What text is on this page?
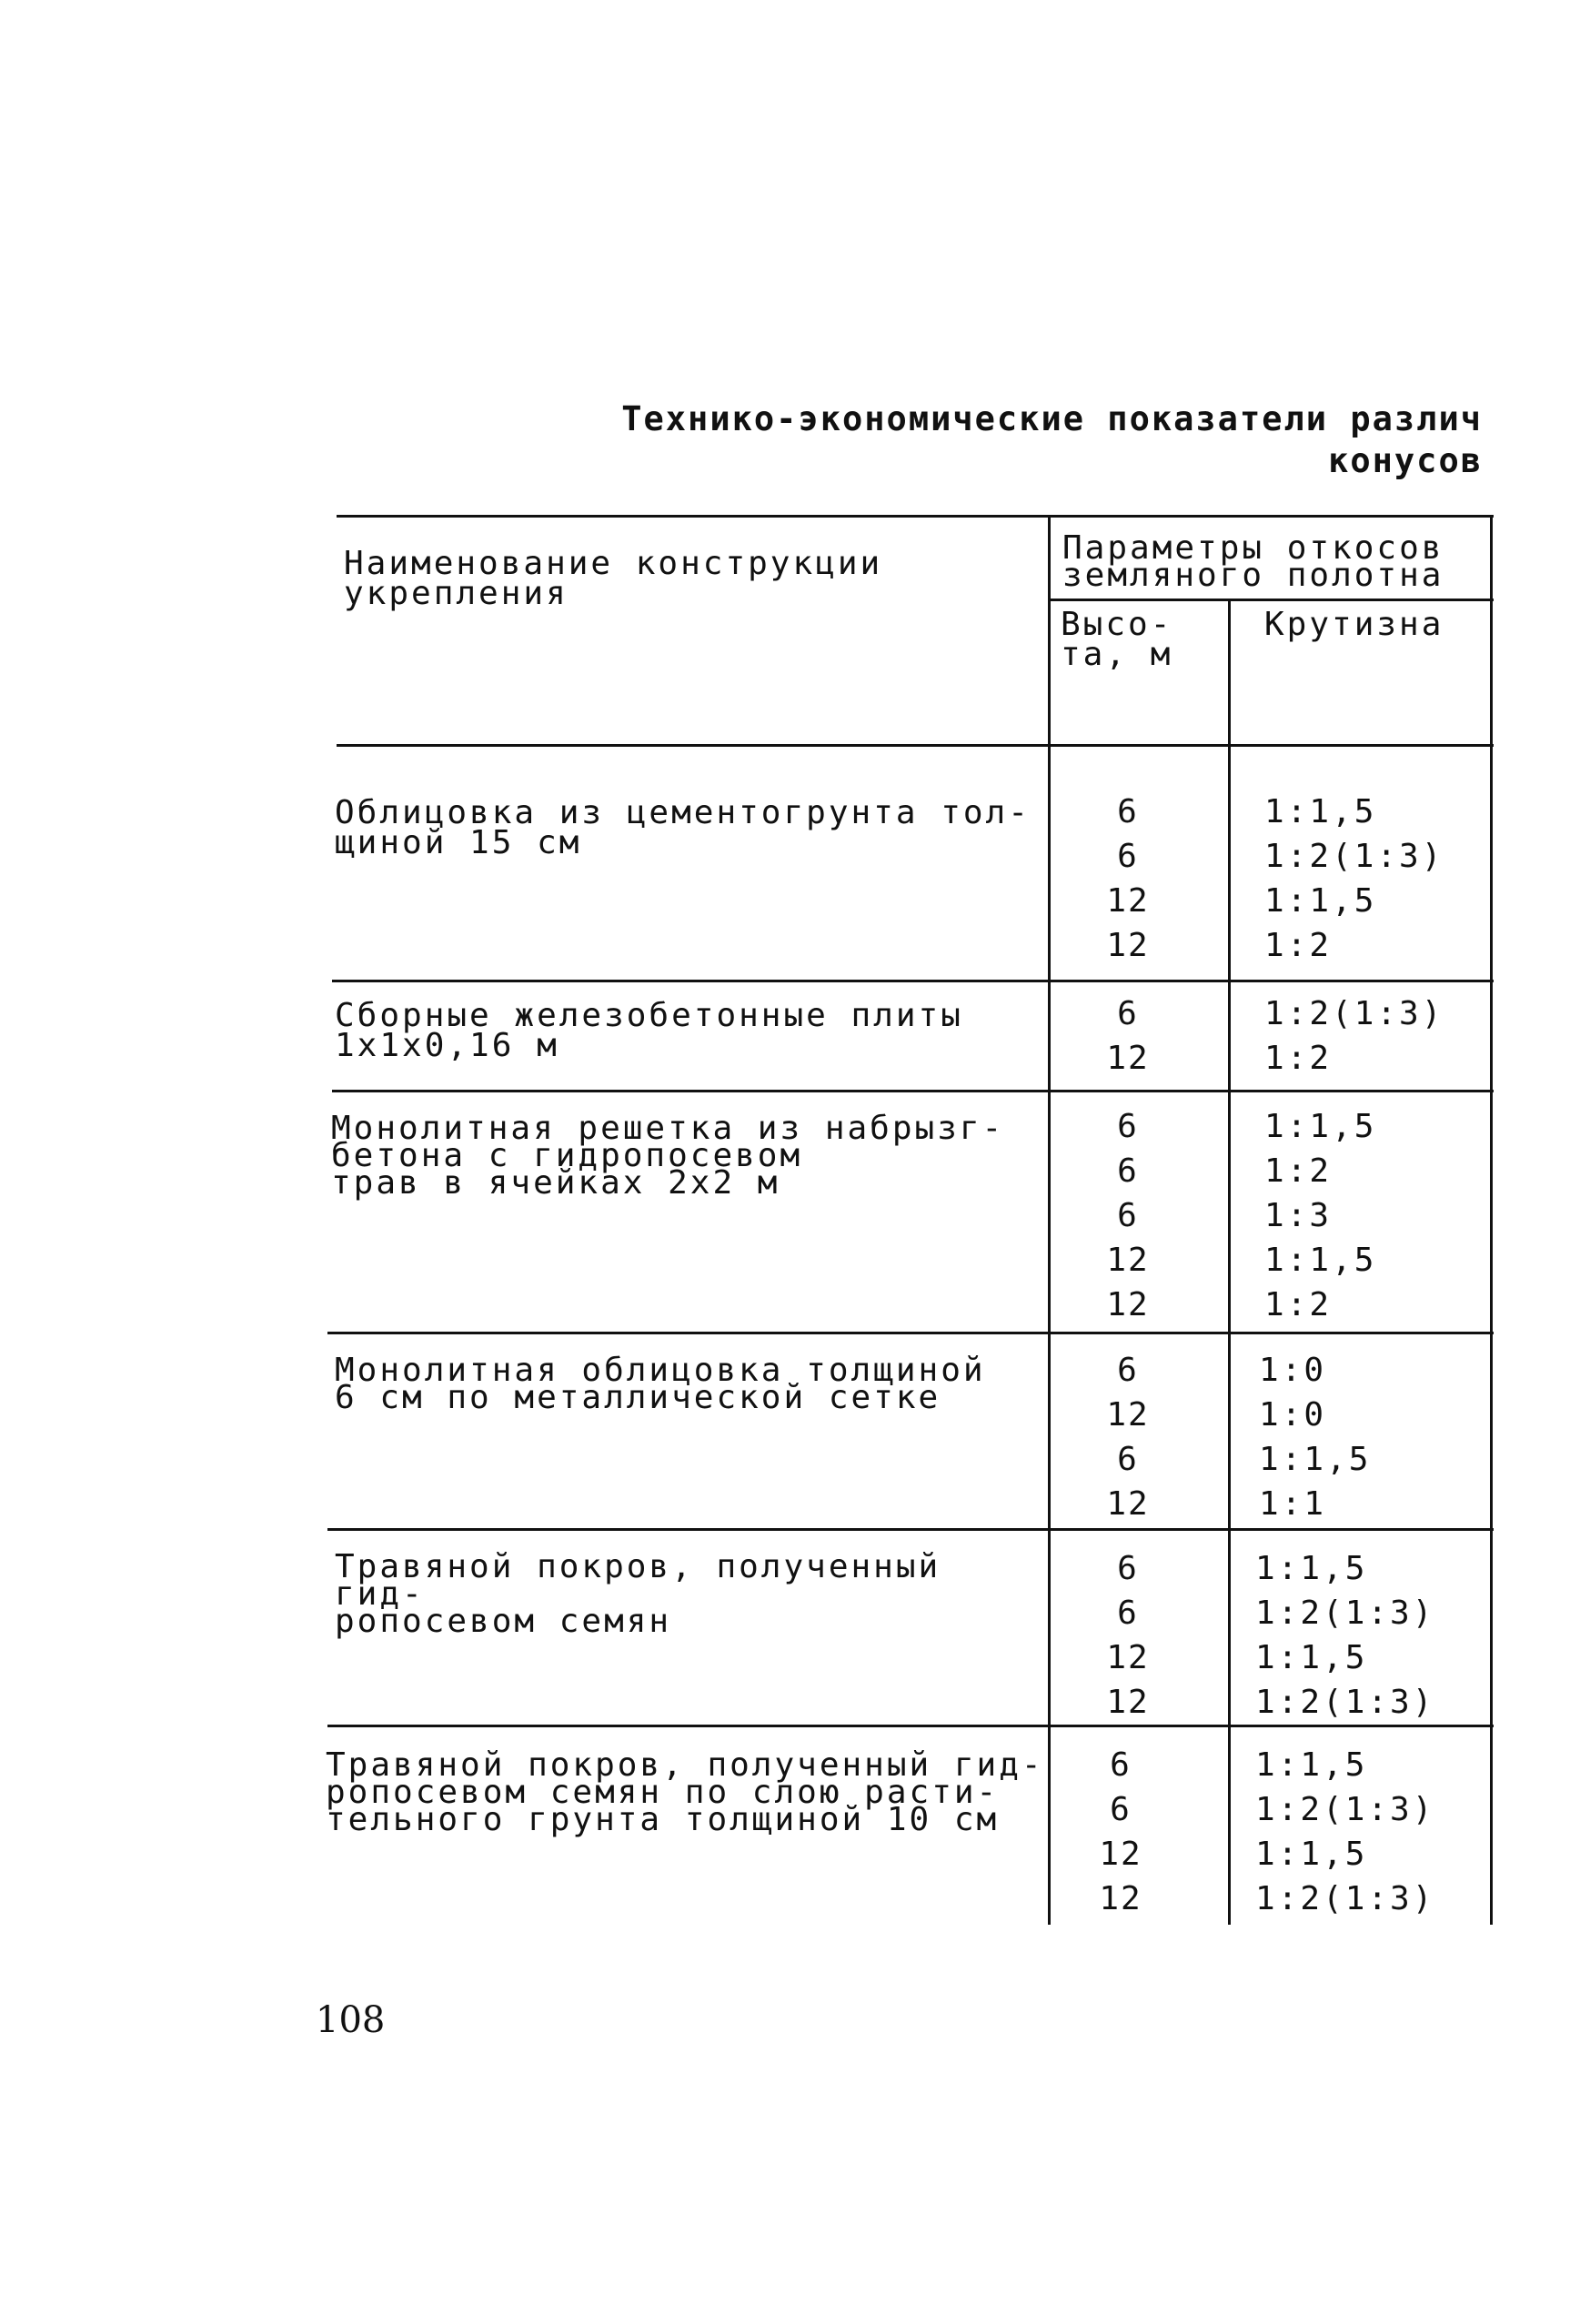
Технико-экономические показатели различ
конусов
Наименование конструкции
укрепления
Параметры откосов
земляного полотна
Высо-
та, м
Крутизна
Облицовка из цементогрунта тол-
щиной 15 см
6
6
12
12
1:1,5
1:2(1:3)
1:1,5
1:2
Сборные железобетонные плиты
1х1х0,16 м
6
12
1:2(1:3)
1:2
Монолитная решетка из набрызг-
бетона с гидропосевом
трав в ячейках 2х2 м
6
6
6
12
12
1:1,5
1:2
1:3
1:1,5
1:2
Монолитная облицовка толщиной
6 см по металлической сетке
6
12
6
12
1:0
1:0
1:1,5
1:1
Травяной покров, полученный гид-
ропосевом семян
6
6
12
12
1:1,5
1:2(1:3)
1:1,5
1:2(1:3)
Травяной покров, полученный гид-
ропосевом семян по слою расти-
тельного грунта толщиной 10 см
6
6
12
12
1:1,5
1:2(1:3)
1:1,5
1:2(1:3)
108
